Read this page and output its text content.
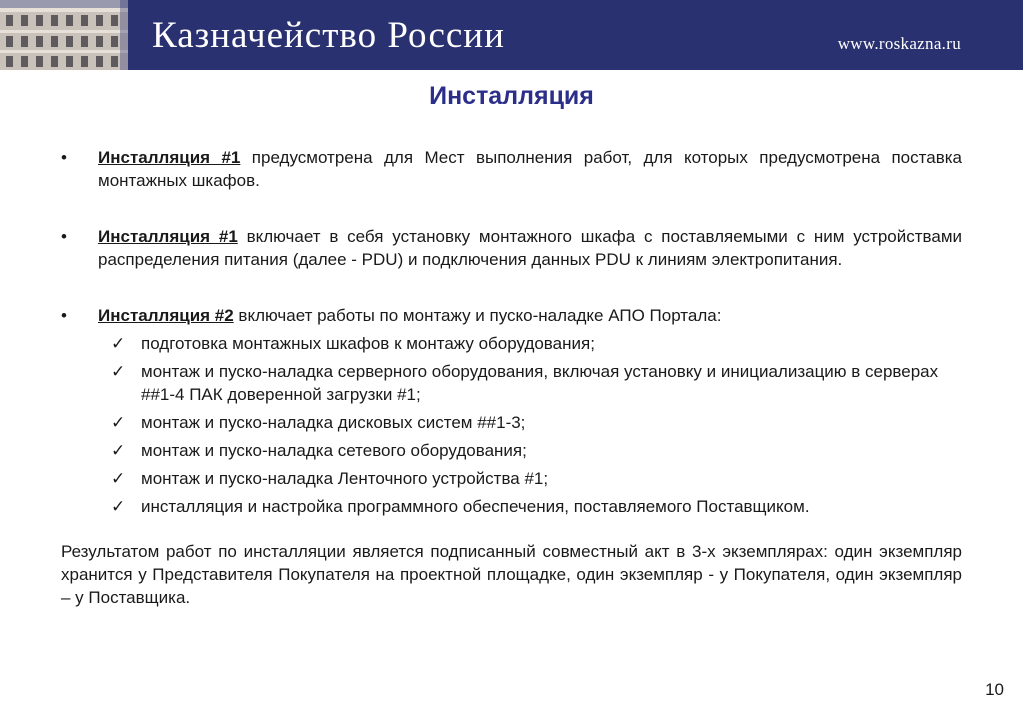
Казначейство России	www.roskazna.ru
Инсталляция
• Инсталляция #1 предусмотрена для Мест выполнения работ, для которых предусмотрена поставка монтажных шкафов.
• Инсталляция #1 включает в себя установку монтажного шкафа с поставляемыми с ним устройствами распределения питания (далее - PDU) и подключения данных PDU к линиям электропитания.
• Инсталляция #2 включает работы по монтажу и пуско-наладке АПО Портала:
✓ подготовка монтажных шкафов к монтажу оборудования;
✓ монтаж и пуско-наладка серверного оборудования, включая установку и инициализацию в серверах ##1-4 ПАК доверенной загрузки #1;
✓ монтаж и пуско-наладка дисковых систем ##1-3;
✓ монтаж и пуско-наладка сетевого оборудования;
✓ монтаж и пуско-наладка Ленточного устройства #1;
✓ инсталляция и настройка программного обеспечения, поставляемого Поставщиком.
Результатом работ по инсталляции является подписанный совместный акт в 3-х экземплярах: один экземпляр хранится у Представителя Покупателя на проектной площадке, один экземпляр - у Покупателя, один экземпляр – у Поставщика.
10
